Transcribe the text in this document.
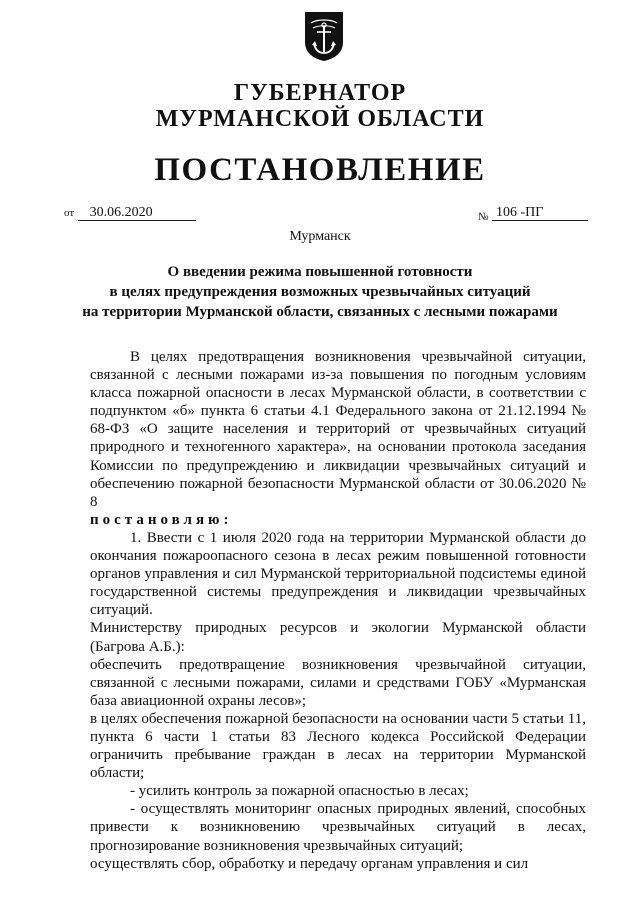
ГУБЕРНАТОР

МУРМАНСКОЙ ОБЛАСТИ

ПОСТАНОВЛЕНИЕ

от 30.06.2020	$_№$ 106 -ПГ
Мурманск
О введении режима повышенной готовности
в целях предупреждения возможных чрезвычайных ситуаций
на территории Мурманской области, связанных с лесными пожарами

В целях предотвращения возникновения чрезвычайной ситуации, связанной с лесными пожарами из-за повышения по погодным условиям класса пожарной опасности в лесах Мурманской области, в соответствии с подпунктом «б» пункта 6 статьи 4.1 Федерального закона от 21.12.1994 № 68-ФЗ «О защите населения и территорий от чрезвычайных ситуаций природного и техногенного характера», на основании протокола заседания Комиссии по предупреждению и ликвидации чрезвычайных ситуаций и обеспечению пожарной безопасности Мурманской области от 30.06.2020 № 8

постановляю:

1. Ввести с 1 июля 2020 года на территории Мурманской области до окончания пожароопасного сезона в лесах режим повышенной готовности органов управления и сил Мурманской территориальной подсистемы единой государственной системы предупреждения и ликвидации чрезвычайных ситуаций.

Министерству природных ресурсов и экологии Мурманской области (Багрова А.Б.):

обеспечить предотвращение возникновения чрезвычайной ситуации, связанной с лесными пожарами, силами и средствами ГОБУ «Мурманская база авиационной охраны лесов»;

в целях обеспечения пожарной безопасности на основании части 5 статьи 11, пункта 6 части 1 статьи 83 Лесного кодекса Российской Федерации ограничить пребывание граждан в лесах на территории Мурманской области;

- усилить контроль за пожарной опасностью в лесах;

- осуществлять мониторинг опасных природных явлений, способных привести к возникновению чрезвычайных ситуаций в лесах, прогнозирование возникновения чрезвычайных ситуаций;

осуществлять сбор, обработку и передачу органам управления и сил
